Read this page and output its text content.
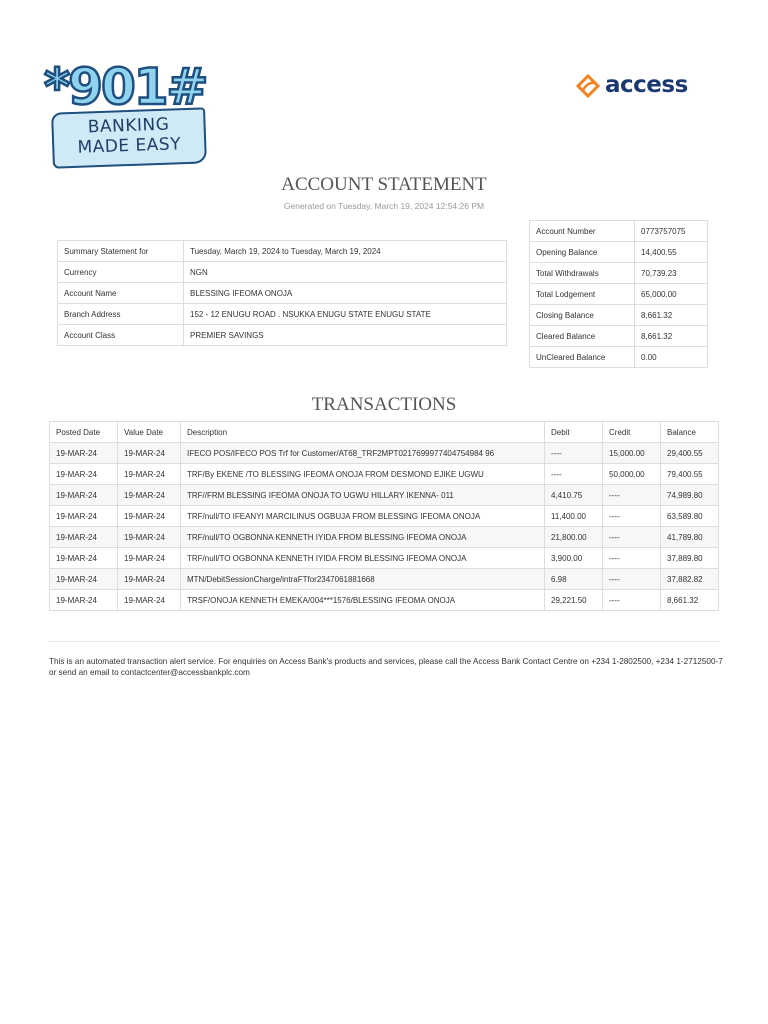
BANKING
MADE EASY
*901#	access
ACCOUNT STATEMENT
Generated on Tuesday, March 19, 2024 12:54:26 PM
Summary Statement for	Tuesday, March 19, 2024 to Tuesday, March 19, 2024
Currency	NGN
Account Name	BLESSING IFEOMA ONOJA
Branch Address	152 - 12 ENUGU ROAD . NSUKKA ENUGU STATE ENUGU STATE
Account Class	PREMIER SAVINGS
Account Number	0773757075
Opening Balance	14,400.55
Total Withdrawals	70,739.23
Total Lodgement	65,000.00
Closing Balance	8,661.32
Cleared Balance	8,661.32
UnCleared Balance	0.00
TRANSACTIONS
Posted Date	Value Date	Description	Debit	Credit	Balance
19-MAR-24	19-MAR-24	IFECO POS/IFECO POS Trf for Customer/AT68_TRF2MPT0217699977404754984 96	----	15,000.00	29,400.55
19-MAR-24	19-MAR-24	TRF/By EKENE /TO BLESSING IFEOMA ONOJA FROM DESMOND EJIKE UGWU	----	50,000.00	79,400.55
19-MAR-24	19-MAR-24	TRF//FRM BLESSING IFEOMA ONOJA TO UGWU HILLARY IKENNA- 011	4,410.75	----	74,989.80
19-MAR-24	19-MAR-24	TRF/null/TO IFEANYI MARCILINUS OGBUJA FROM BLESSING IFEOMA ONOJA	11,400.00	----	63,589.80
19-MAR-24	19-MAR-24	TRF/null/TO OGBONNA KENNETH IYIDA FROM BLESSING IFEOMA ONOJA	21,800.00	----	41,789.80
19-MAR-24	19-MAR-24	TRF/null/TO OGBONNA KENNETH IYIDA FROM BLESSING IFEOMA ONOJA	3,900.00	----	37,889.80
19-MAR-24	19-MAR-24	MTN/DebitSessionCharge/intraFTfor2347061881668	6.98	----	37,882.82
19-MAR-24	19-MAR-24	TRSF/ONOJA KENNETH EMEKA/004***1576/BLESSING IFEOMA ONOJA	29,221.50	----	8,661.32
This is an automated transaction alert service. For enquiries on Access Bank's products and services, please call the Access Bank Contact Centre on +234 1-2802500, +234 1-2712500-7 or send an email to contactcenter@accessbankplc.com
